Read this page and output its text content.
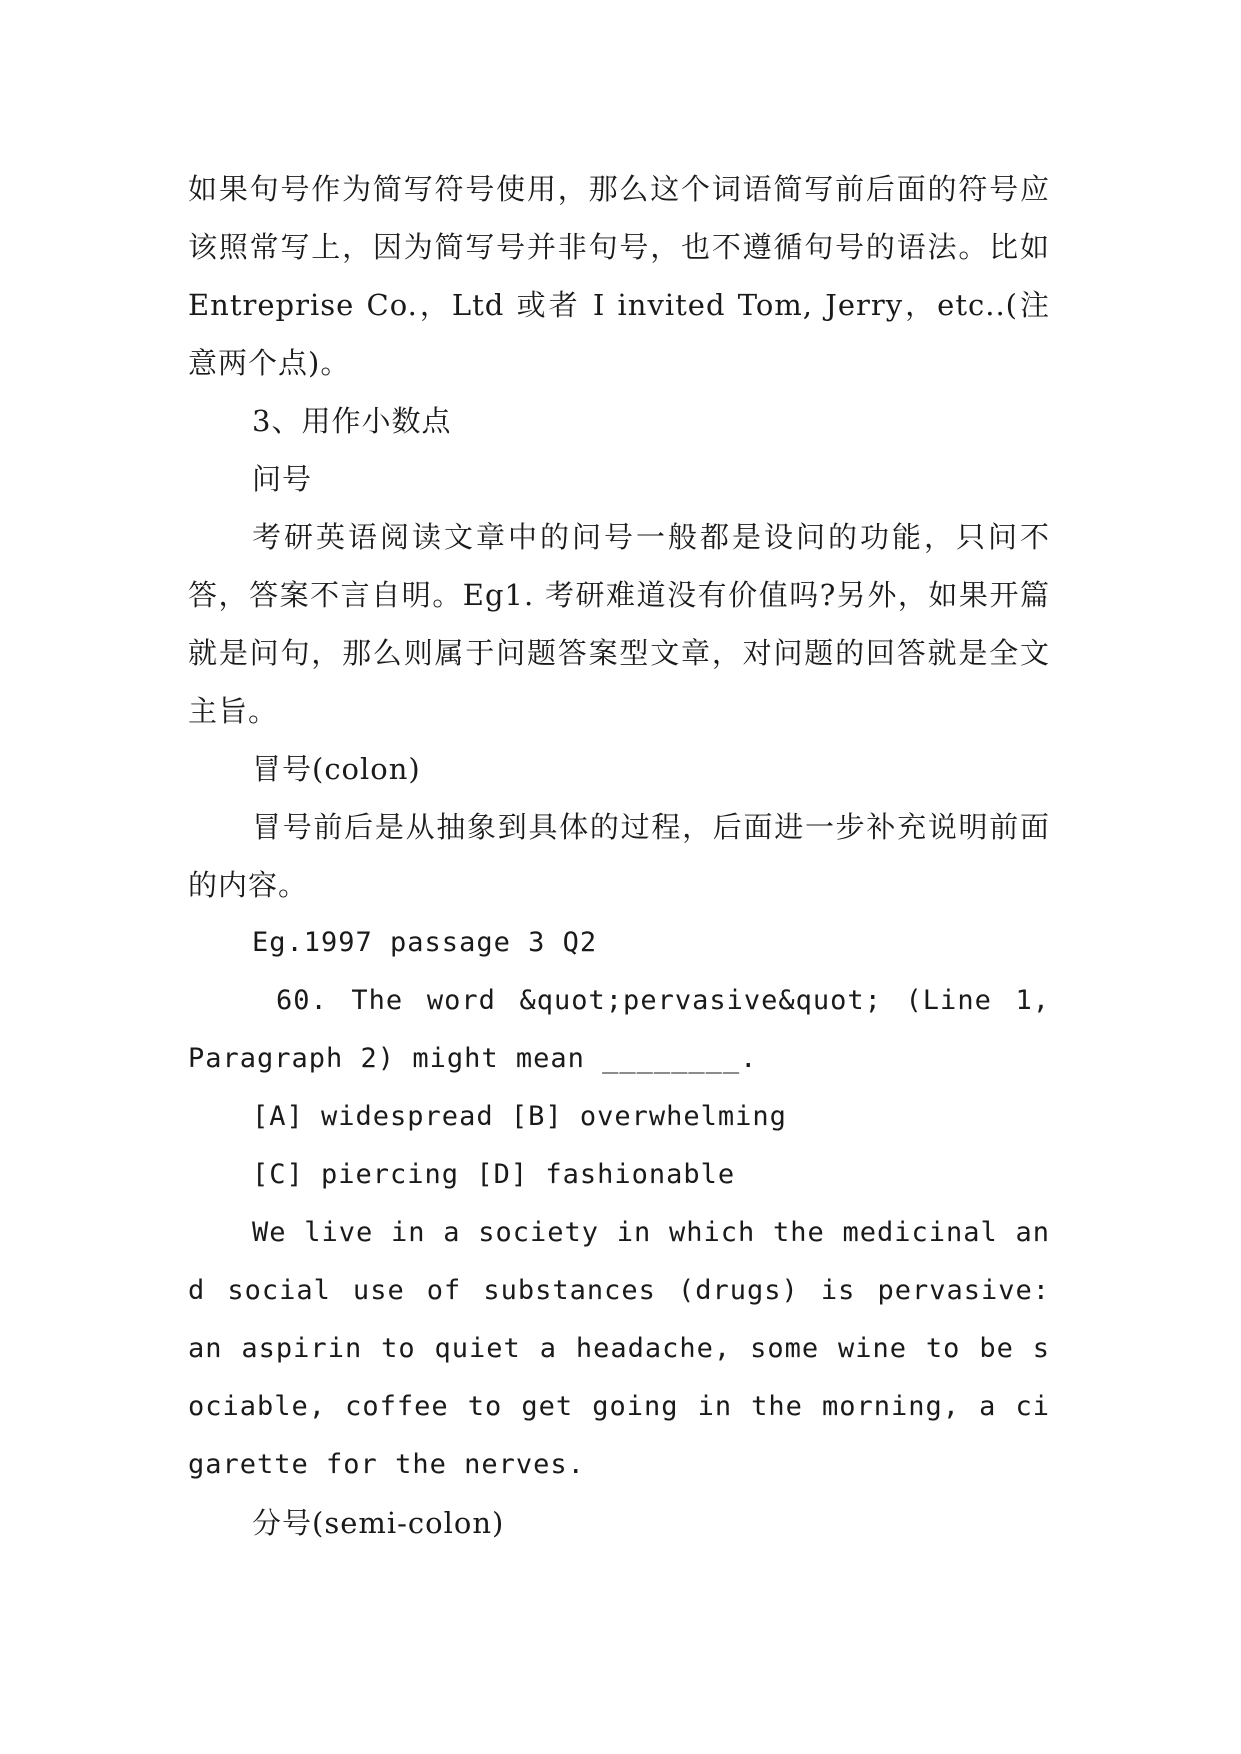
如果句号作为简写符号使用，那么这个词语简写前后面的符号应该照常写上，因为简写号并非句号，也不遵循句号的语法。比如 Entreprise Co.，Ltd 或者 I invited Tom, Jerry，etc..(注意两个点)。

3、用作小数点

问号

考研英语阅读文章中的问号一般都是设问的功能，只问不答，答案不言自明。Eg1. 考研难道没有价值吗?另外，如果开篇就是问句，那么则属于问题答案型文章，对问题的回答就是全文主旨。

冒号(colon)

冒号前后是从抽象到具体的过程，后面进一步补充说明前面的内容。

Eg.1997 passage 3 Q2

60. The word &quot;pervasive&quot; (Line 1, Paragraph 2) might mean ________.

[A] widespread [B] overwhelming

[C] piercing [D] fashionable

We live in a society in which the medicinal and social use of substances (drugs) is pervasive: an aspirin to quiet a headache, some wine to be sociable, coffee to get going in the morning, a cigarette for the nerves.

分号(semi-colon)
